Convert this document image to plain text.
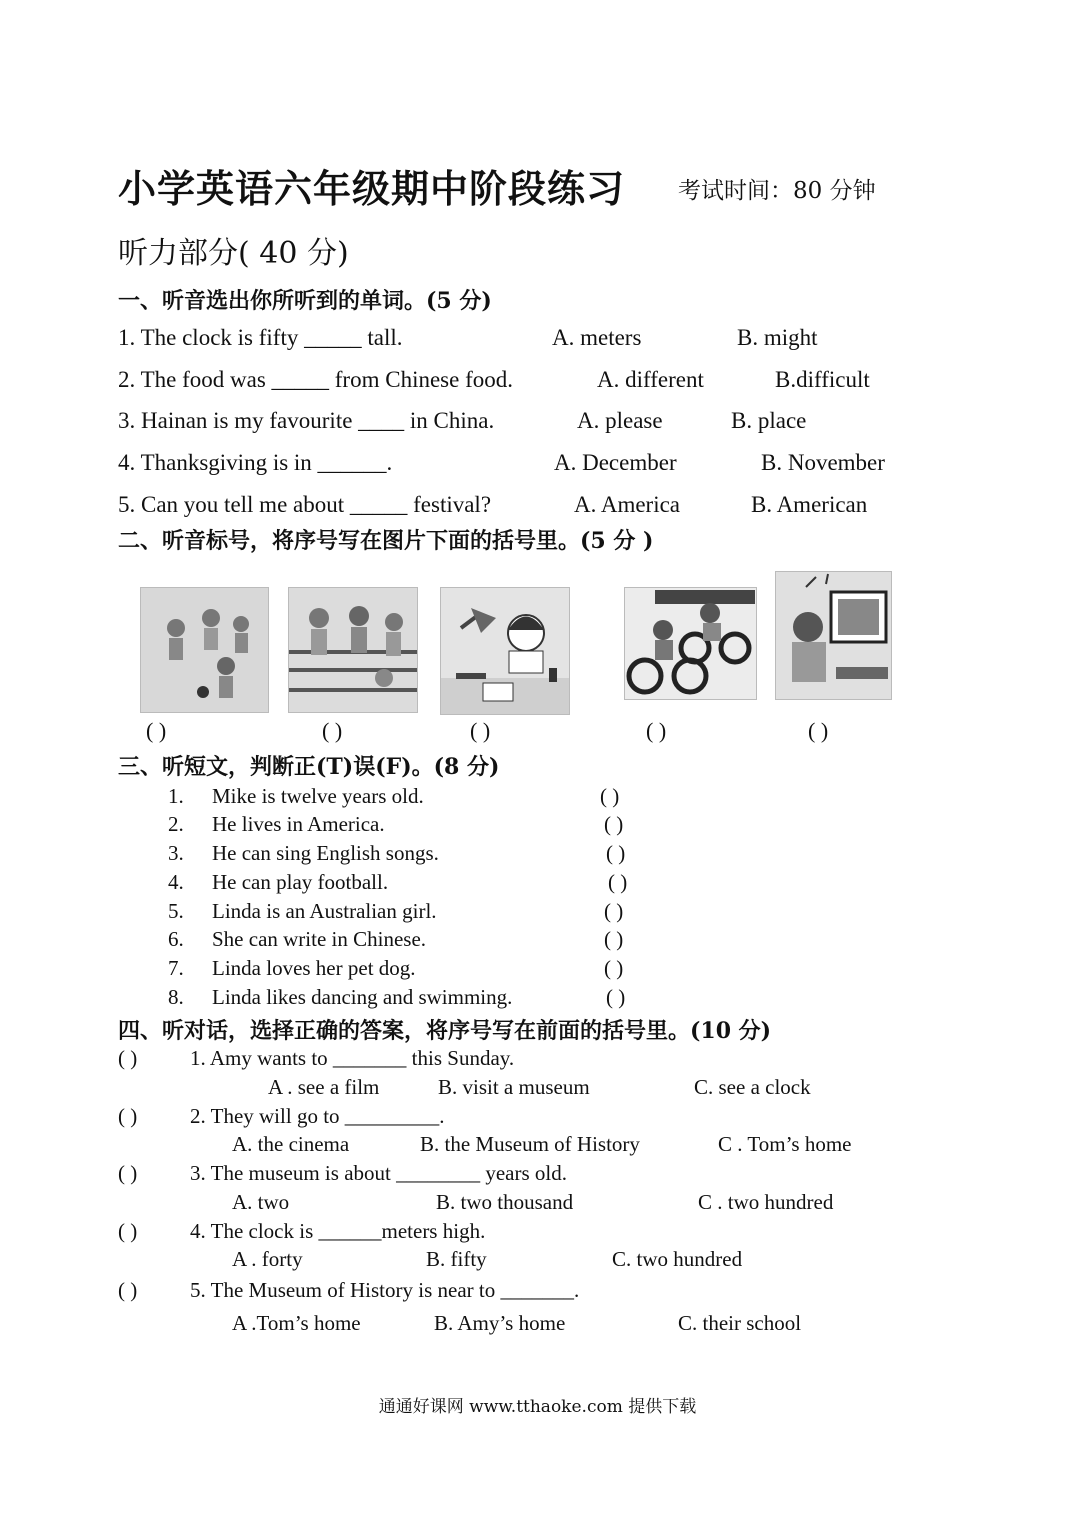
小学英语六年级期中阶段练习 考试时间：80 分钟
听力部分( 40 分)
一、听音选出你所听到的单词。(5 分)
1. The clock is fifty _____ tall.	A. meters	B. might
2. The food was _____ from Chinese food.	A. different	B.difficult
3. Hainan is my favourite ____ in China.	A. please	B. place
4. Thanksgiving is in ______.	A. December	B. November
5. Can you tell me about _____ festival?	A. America	B. American
二、听音标号，将序号写在图片下面的括号里。(5 分 )
( )	( )	( )	( )	( )
三、听短文，判断正(T)误(F)。(8 分)
1. Mike is twelve years old.	( )
2. He lives in America.	( )
3. He can sing English songs.	( )
4. He can play football.	( )
5. Linda is an Australian girl.	( )
6. She can write in Chinese.	( )
7. Linda loves her pet dog.	( )
8. Linda likes dancing and swimming.	( )
四、听对话，选择正确的答案，将序号写在前面的括号里。(10 分)
( )	1. Amy wants to _______ this Sunday.
A . see a film	B. visit a museum	C. see a clock
( )	2. They will go to _________.
A. the cinema	B. the Museum of History	C . Tom’s home
( )	3. The museum is about ________ years old.
A. two	B. two thousand	C . two hundred
( )	4. The clock is ______meters high.
A . forty	B. fifty	C. two hundred
( )	5. The Museum of History is near to _______.
A .Tom’s home	B. Amy’s home	C. their school
通通好课网 www.tthaoke.com 提供下载
